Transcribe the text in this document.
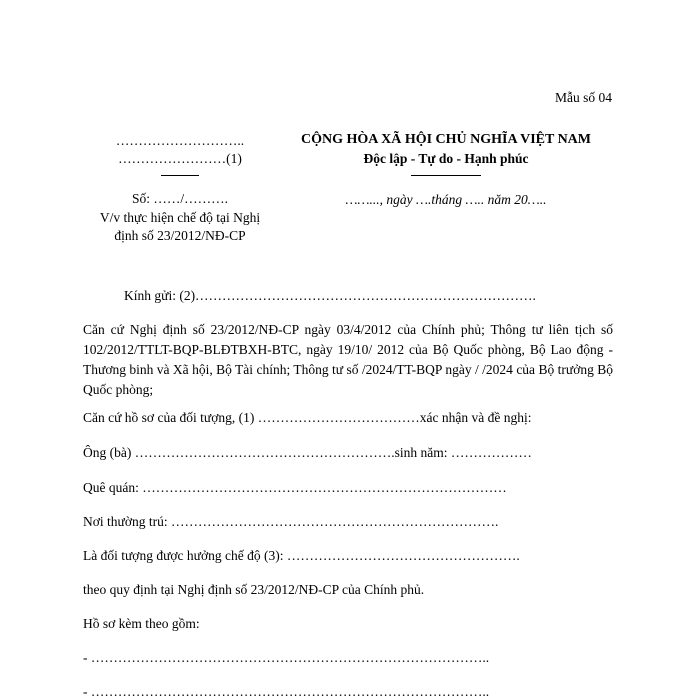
Mẫu số 04
………………………..
……………………(1)
Số: ……/……….
V/v thực hiện chế độ tại Nghị
định số 23/2012/NĐ-CP
CỘNG HÒA XÃ HỘI CHỦ NGHĨA VIỆT NAM
Độc lập - Tự do - Hạnh phúc
……..., ngày ….tháng ….. năm 20…..
Kính gửi: (2)………………………………………………………………….
Căn cứ Nghị định số 23/2012/NĐ-CP ngày 03/4/2012 của Chính phủ; Thông tư liên tịch số 102/2012/TTLT-BQP-BLĐTBXH-BTC, ngày 19/10/ 2012 của Bộ Quốc phòng, Bộ Lao động - Thương binh và Xã hội, Bộ Tài chính; Thông tư số /2024/TT-BQP ngày / /2024 của Bộ trưởng Bộ Quốc phòng;
Căn cứ hồ sơ của đối tượng, (1) ………………………………xác nhận và đề nghị:
Ông (bà) ………………………………………………….sinh năm: ………………
Quê quán: ………………………………………………………………………
Nơi thường trú: ……………………………………………………………….
Là đối tượng được hưởng chế độ (3): …………………………………………….
theo quy định tại Nghị định số 23/2012/NĐ-CP của Chính phủ.
Hồ sơ kèm theo gồm:
- ……………………………………………………………………………..
- ……………………………………………………………………………..
